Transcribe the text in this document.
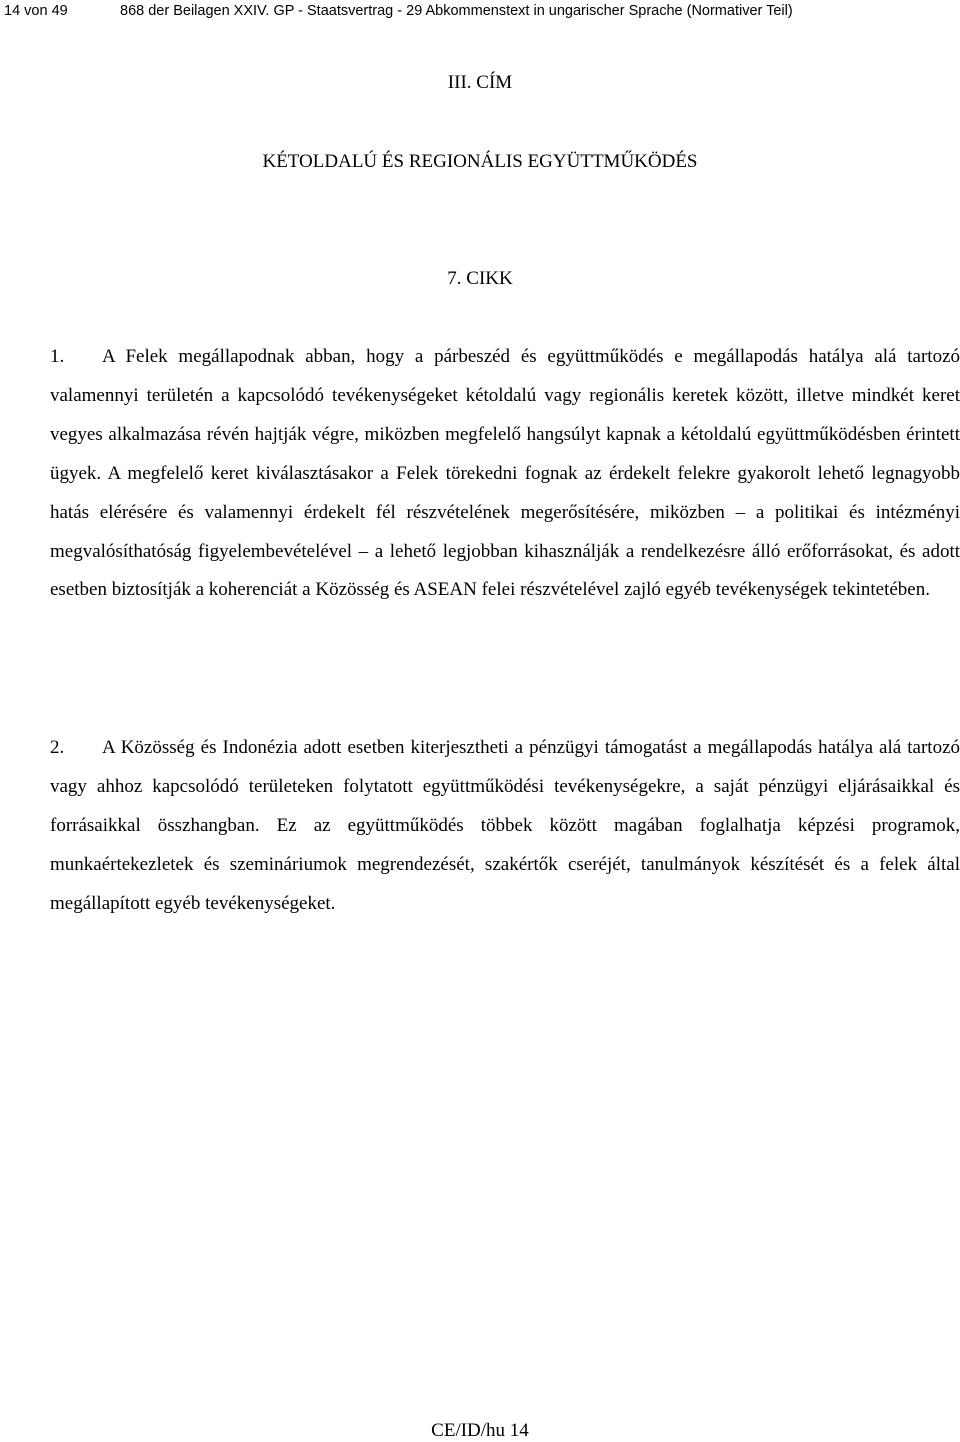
14 von 49	868 der Beilagen XXIV. GP - Staatsvertrag - 29 Abkommenstext in ungarischer Sprache (Normativer Teil)
III. CÍM
KÉTOLDALÚ ÉS REGIONÁLIS EGYÜTTMŰKÖDÉS
7. CIKK

1. A Felek megállapodnak abban, hogy a párbeszéd és együttműködés e megállapodás hatálya alá tartozó valamennyi területén a kapcsolódó tevékenységeket kétoldalú vagy regionális keretek között, illetve mindkét keret vegyes alkalmazása révén hajtják végre, miközben megfelelő hangsúlyt kapnak a kétoldalú együttműködésben érintett ügyek. A megfelelő keret kiválasztásakor a Felek törekedni fognak az érdekelt felekre gyakorolt lehető legnagyobb hatás elérésére és valamennyi érdekelt fél részvételének megerősítésére, miközben – a politikai és intézményi megvalósíthatóság figyelembevételével – a lehető legjobban kihasználják a rendelkezésre álló erőforrásokat, és adott esetben biztosítják a koherenciát a Közösség és ASEAN felei részvételével zajló egyéb tevékenységek tekintetében.

2. A Közösség és Indonézia adott esetben kiterjesztheti a pénzügyi támogatást a megállapodás hatálya alá tartozó vagy ahhoz kapcsolódó területeken folytatott együttműködési tevékenységekre, a saját pénzügyi eljárásaikkal és forrásaikkal összhangban. Ez az együttműködés többek között magában foglalhatja képzési programok, munkaértekezletek és szemináriumok megrendezését, szakértők cseréjét, tanulmányok készítését és a felek által megállapított egyéb tevékenységeket.

CE/ID/hu 14
